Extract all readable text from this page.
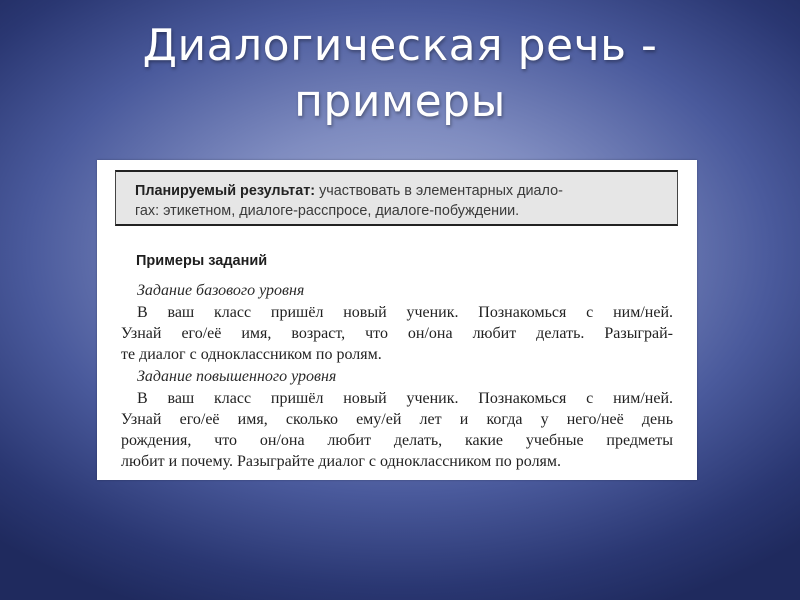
Диалогическая речь -
примеры
Планируемый результат: участвовать в элементарных диало-
гах: этикетном, диалоге-расспросе, диалоге-побуждении.
Примеры заданий
Задание базового уровня
В ваш класс пришёл новый ученик. Познакомься с ним/ней.
Узнай его/её имя, возраст, что он/она любит делать. Разыграй-
те диалог с одноклассником по ролям.
Задание повышенного уровня
В ваш класс пришёл новый ученик. Познакомься с ним/ней.
Узнай его/её имя, сколько ему/ей лет и когда у него/неё день
рождения, что он/она любит делать, какие учебные предметы
любит и почему. Разыграйте диалог с одноклассником по ролям.
